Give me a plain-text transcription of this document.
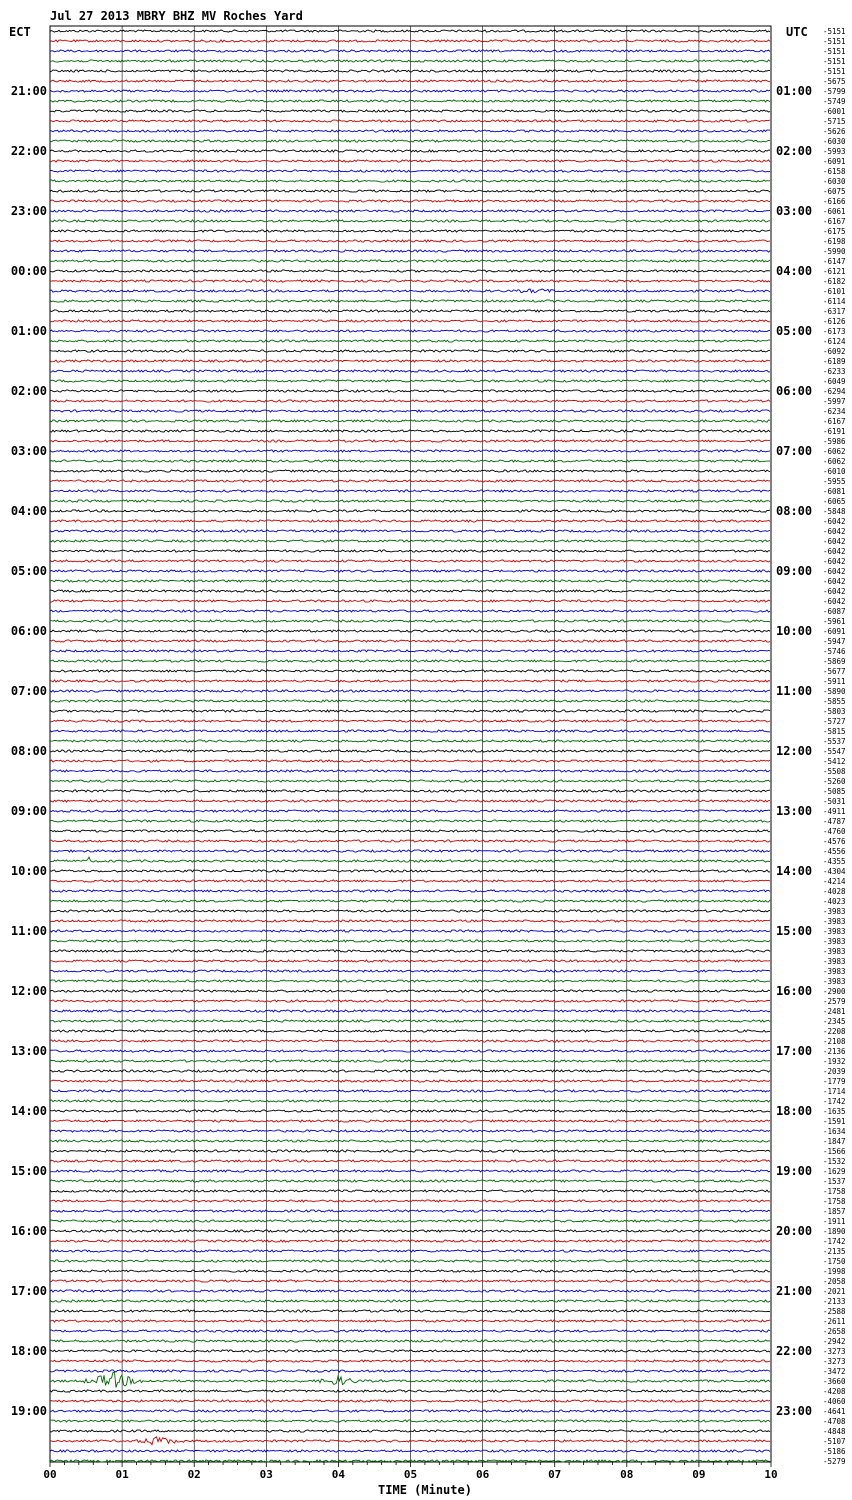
Jul 27 2013 MBRY BHZ MV Roches Yard
ECT	UTC
21:00
22:00
23:00
00:00
01:00
02:00
03:00
04:00
05:00
06:00
07:00
08:00
09:00
10:00
11:00
12:00
13:00
14:00
15:00
16:00
17:00
18:00
19:00
01:00
02:00
03:00
04:00
05:00
06:00
07:00
08:00
09:00
10:00
11:00
12:00
13:00
14:00
15:00
16:00
17:00
18:00
19:00
20:00
21:00
22:00
23:00
-5151
-5151
-5151
-5151
-5151
-5675
-5799
-5749
-6001
-5715
-5626
-6030
-5993
-6091
-6158
-6030
-6075
-6166
-6061
-6167
-6175
-6198
-5990
-6147
-6121
-6182
-6101
-6114
-6317
-6126
-6173
-6124
-6092
-6189
-6233
-6049
-6294
-5997
-6234
-6167
-6191
-5986
-6062
-6062
-6010
-5955
-6081
-6065
-5848
-6042
-6042
-6042
-6042
-6042
-6042
-6042
-6042
-6042
-6087
-5961
-6091
-5947
-5746
-5869
-5677
-5911
-5890
-5855
-5803
-5727
-5815
-5537
-5547
-5412
-5508
-5260
-5085
-5031
-4911
-4787
-4760
-4576
-4556
-4355
-4304
-4214
-4028
-4023
-3983
-3983
-3983
-3983
-3983
-3983
-3983
-3983
-2900
-2579
-2481
-2345
-2208
-2108
-2136
-1932
-2039
-1779
-1714
-1742
-1635
-1591
-1634
-1847
-1566
-1532
-1629
-1537
-1758
-1758
-1857
-1911
-1890
-1742
-2135
-1750
-1998
-2058
-2021
-2133
-2588
-2611
-2658
-2942
-3273
-3273
-3472
-3660
-4208
-4060
-4641
-4708
-4848
-5107
-5186
-5279
00	01	02	03	04	05	06	07	08	09	10
TIME (Minute)
